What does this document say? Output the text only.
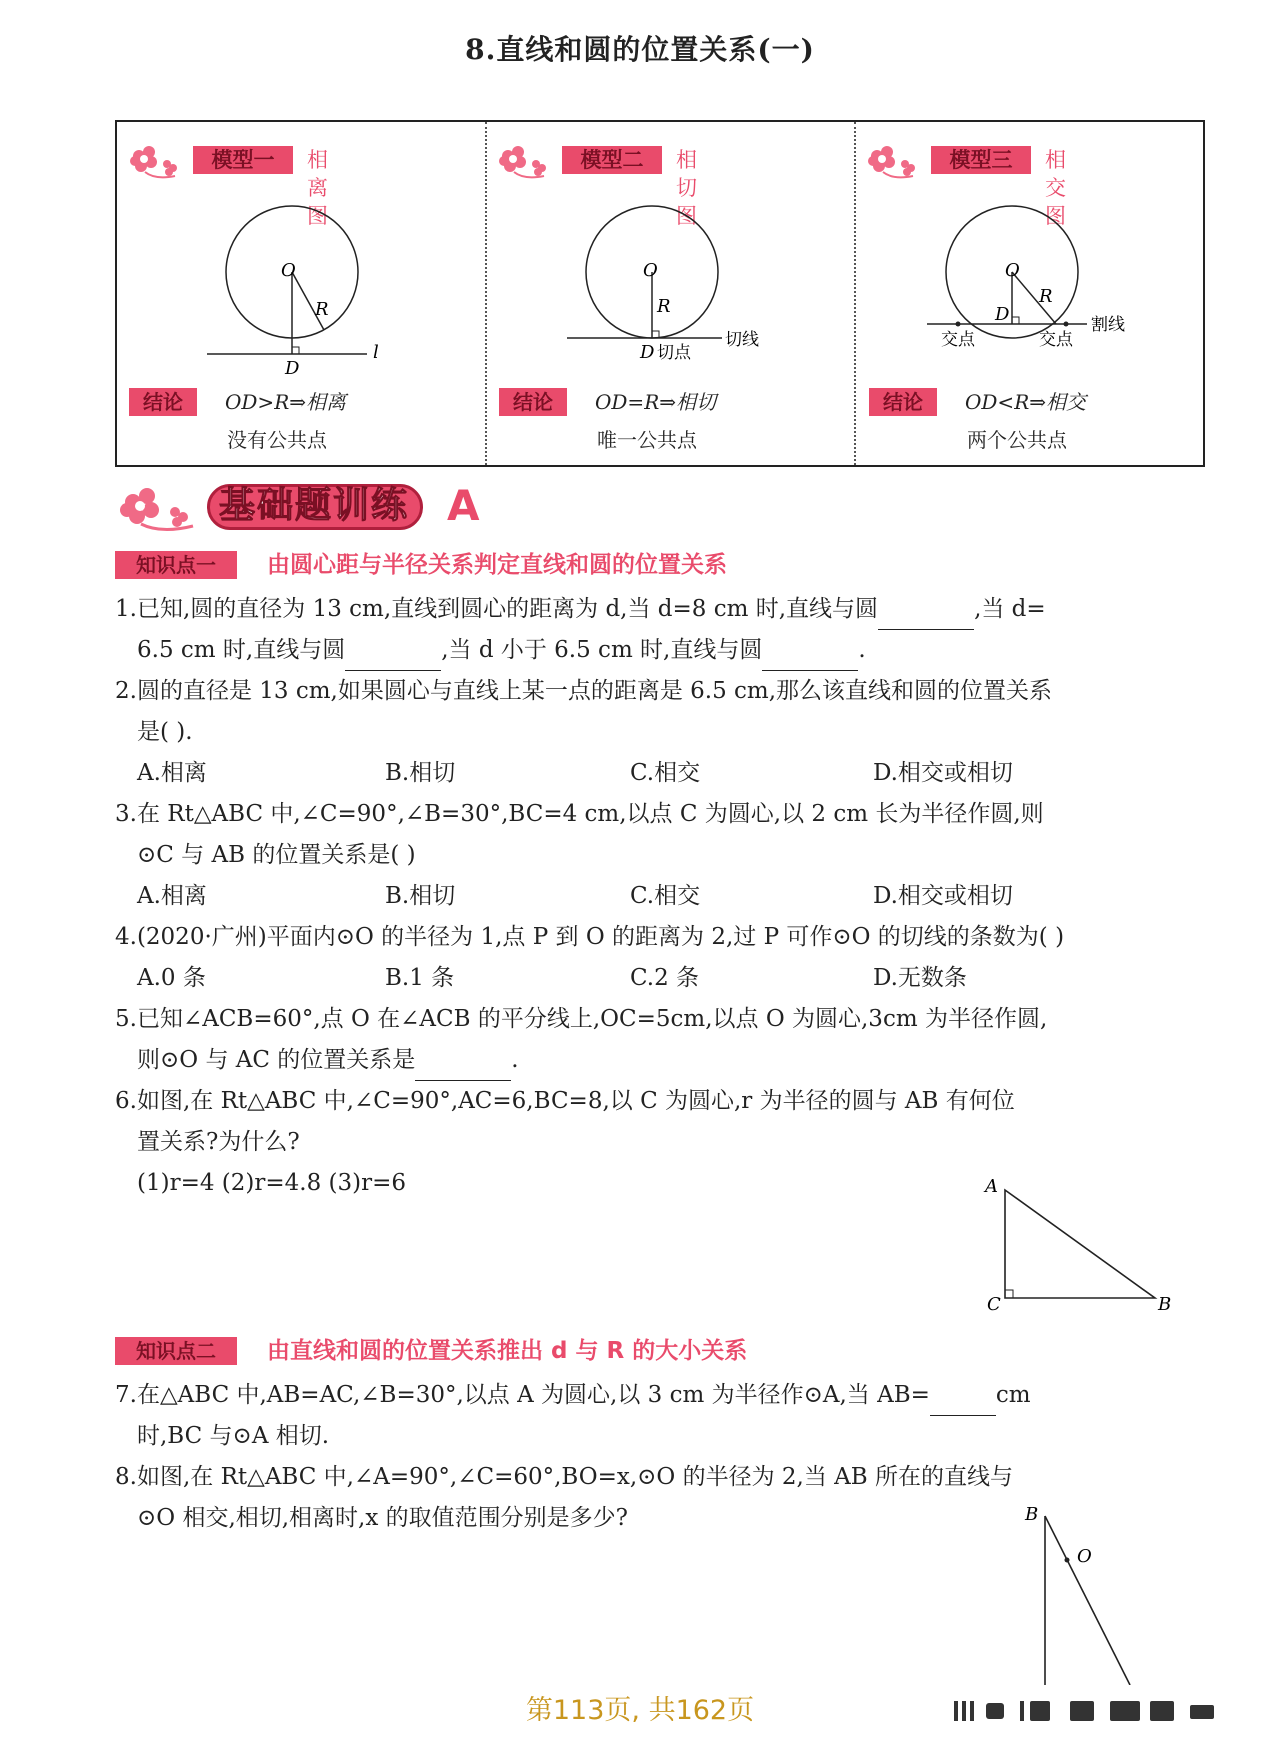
8.直线和圆的位置关系(一)
模型一	相离图
O
R
D
l
结论	OD>R⇒相离
没有公共点
模型二	相切图
O
R
D 切点
切线
结论	OD=R⇒相切
唯一公共点
模型三	相交图
O
R
D
交点	交点
割线
结论	OD<R⇒相交
两个公共点
基础题训练 A
知识点一	由圆心距与半径关系判定直线和圆的位置关系
1.已知,圆的直径为 13 cm,直线到圆心的距离为 d,当 d=8 cm 时,直线与圆	,当 d=
6.5 cm 时,直线与圆	,当 d 小于 6.5 cm 时,直线与圆	.
2.圆的直径是 13 cm,如果圆心与直线上某一点的距离是 6.5 cm,那么该直线和圆的位置关系
是( ).
A.相离	B.相切	C.相交	D.相交或相切
3.在 Rt△ABC 中,∠C=90°,∠B=30°,BC=4 cm,以点 C 为圆心,以 2 cm 长为半径作圆,则
⊙C 与 AB 的位置关系是( )
A.相离	B.相切	C.相交	D.相交或相切
4.(2020·广州)平面内⊙O 的半径为 1,点 P 到 O 的距离为 2,过 P 可作⊙O 的切线的条数为( )
A.0 条	B.1 条	C.2 条	D.无数条
5.已知∠ACB=60°,点 O 在∠ACB 的平分线上,OC=5cm,以点 O 为圆心,3cm 为半径作圆,
则⊙O 与 AC 的位置关系是	.
6.如图,在 Rt△ABC 中,∠C=90°,AC=6,BC=8,以 C 为圆心,r 为半径的圆与 AB 有何位
置关系?为什么?
(1)r=4 (2)r=4.8 (3)r=6	A
B
C
知识点二	由直线和圆的位置关系推出 d 与 R 的大小关系
7.在△ABC 中,AB=AC,∠B=30°,以点 A 为圆心,以 3 cm 为半径作⊙A,当 AB=	cm
时,BC 与⊙A 相切.
8.如图,在 Rt△ABC 中,∠A=90°,∠C=60°,BO=x,⊙O 的半径为 2,当 AB 所在的直线与
⊙O 相交,相切,相离时,x 的取值范围分别是多少?	B
O
第113页, 共162页
